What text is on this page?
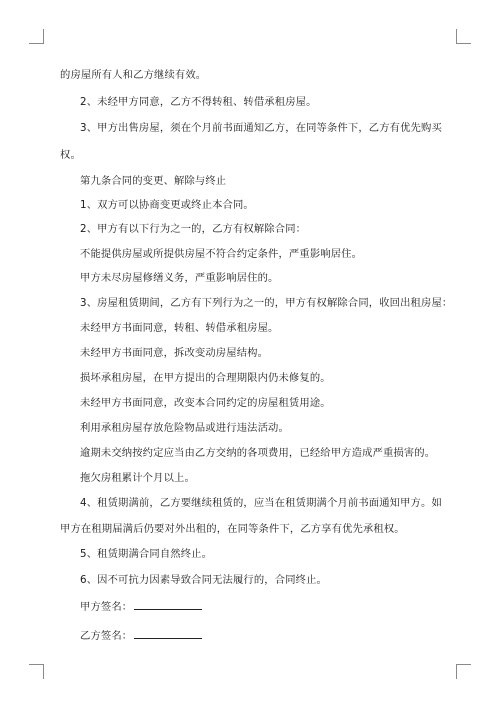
的房屋所有人和乙方继续有效。
2、未经甲方同意，乙方不得转租、转借承租房屋。
3、甲方出售房屋，须在个月前书面通知乙方，在同等条件下，乙方有优先购买
权。
第九条合同的变更、解除与终止
1、双方可以协商变更或终止本合同。
2、甲方有以下行为之一的，乙方有权解除合同：
不能提供房屋或所提供房屋不符合约定条件，严重影响居住。
甲方未尽房屋修缮义务，严重影响居住的。
3、房屋租赁期间，乙方有下列行为之一的，甲方有权解除合同，收回出租房屋：
未经甲方书面同意，转租、转借承租房屋。
未经甲方书面同意，拆改变动房屋结构。
损坏承租房屋，在甲方提出的合理期限内仍未修复的。
未经甲方书面同意，改变本合同约定的房屋租赁用途。
利用承租房屋存放危险物品或进行违法活动。
逾期未交纳按约定应当由乙方交纳的各项费用，已经给甲方造成严重损害的。
拖欠房租累计个月以上。
4、租赁期满前，乙方要继续租赁的，应当在租赁期满个月前书面通知甲方。如
甲方在租期届满后仍要对外出租的，在同等条件下，乙方享有优先承租权。
5、租赁期满合同自然终止。
6、因不可抗力因素导致合同无法履行的，合同终止。
甲方签名：
乙方签名：
